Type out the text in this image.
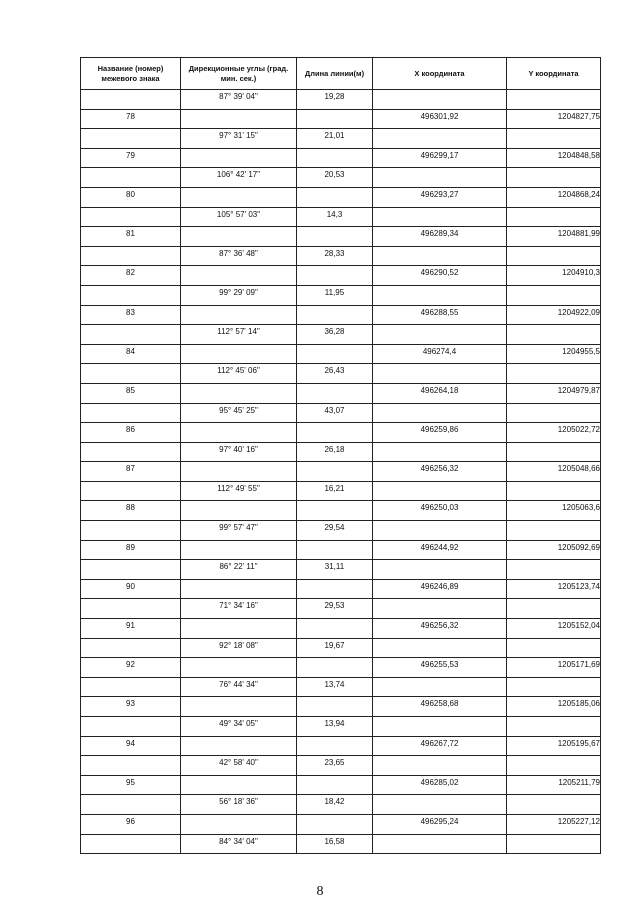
Название (номер) межевого знака	Дирекционные углы (град. мин. сек.)	Длина линии(м)	X координата	Y координата

	87° 39' 04"	19,28		

78			496301,92	1204827,75

	97° 31' 15"	21,01		

79			496299,17	1204848,58

	106° 42' 17"	20,53		

80			496293,27	1204868,24

	105° 57' 03"	14,3		

81			496289,34	1204881,99

	87° 36' 48"	28,33		

82			496290,52	1204910,3

	99° 29' 09"	11,95		

83			496288,55	1204922,09

	112° 57' 14"	36,28		

84			496274,4	1204955,5

	112° 45' 06"	26,43		

85			496264,18	1204979,87

	95° 45' 25"	43,07		

86			496259,86	1205022,72

	97° 40' 16"	26,18		

87			496256,32	1205048,66

	112° 49' 55"	16,21		

88			496250,03	1205063,6

	99° 57' 47"	29,54		

89			496244,92	1205092,69

	86° 22' 11"	31,11		

90			496246,89	1205123,74

	71° 34' 16"	29,53		

91			496256,32	1205152,04

	92° 18' 08"	19,67		

92			496255,53	1205171,69

	76° 44' 34"	13,74		

93			496258,68	1205185,06

	49° 34' 05"	13,94		

94			496267,72	1205195,67

	42° 58' 40"	23,65		

95			496285,02	1205211,79

	56° 18' 36"	18,42		

96			496295,24	1205227,12

	84° 34' 04"	16,58		

8
